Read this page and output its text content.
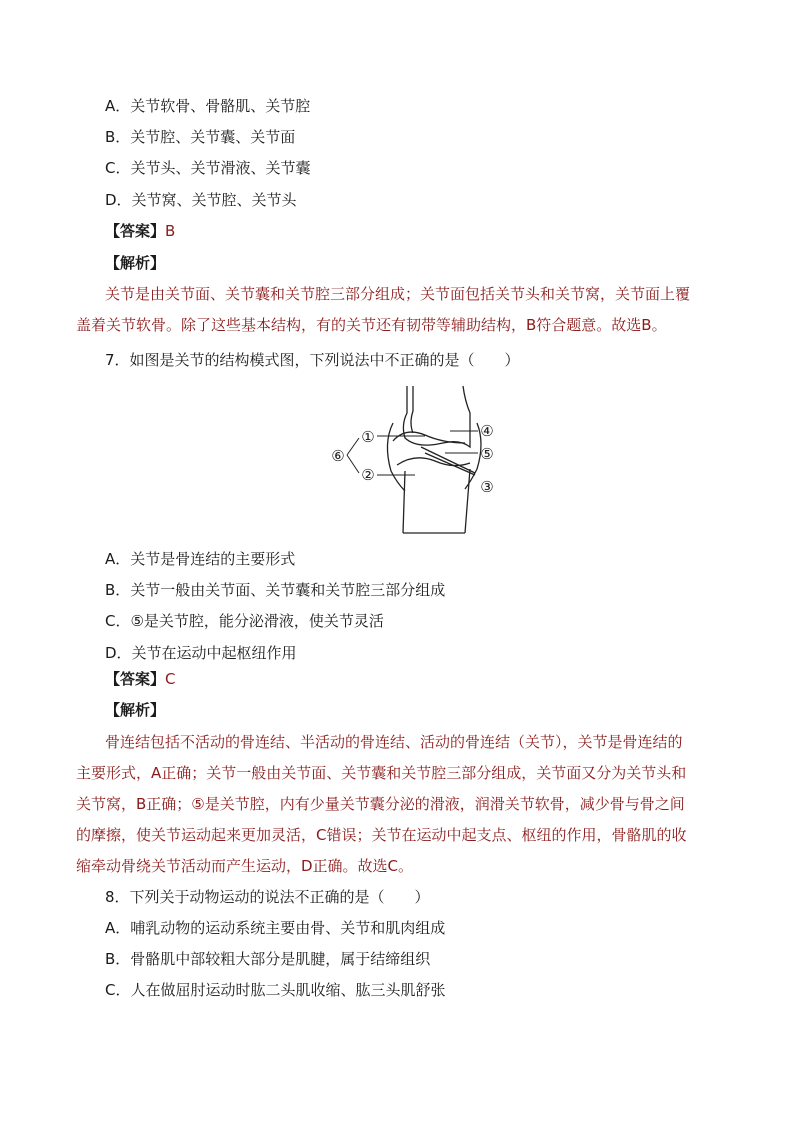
A．关节软骨、骨骼肌、关节腔
B．关节腔、关节囊、关节面
C．关节头、关节滑液、关节囊
D．关节窝、关节腔、关节头
【答案】B
【解析】
关节是由关节面、关节囊和关节腔三部分组成；关节面包括关节头和关节窝，关节面上覆
盖着关节软骨。除了这些基本结构，有的关节还有韧带等辅助结构，B符合题意。故选B。
7．如图是关节的结构模式图，下列说法中不正确的是（　　）
①
②
③
④
⑤
⑥
A．关节是骨连结的主要形式
B．关节一般由关节面、关节囊和关节腔三部分组成
C．⑤是关节腔，能分泌滑液，使关节灵活
D．关节在运动中起枢纽作用
【答案】C
【解析】
骨连结包括不活动的骨连结、半活动的骨连结、活动的骨连结（关节），关节是骨连结的
主要形式，A正确；关节一般由关节面、关节囊和关节腔三部分组成，关节面又分为关节头和
关节窝，B正确；⑤是关节腔，内有少量关节囊分泌的滑液，润滑关节软骨，减少骨与骨之间
的摩擦，使关节运动起来更加灵活，C错误；关节在运动中起支点、枢纽的作用，骨骼肌的收
缩牵动骨绕关节活动而产生运动，D正确。故选C。
8．下列关于动物运动的说法不正确的是（　　）
A．哺乳动物的运动系统主要由骨、关节和肌肉组成
B．骨骼肌中部较粗大部分是肌腱，属于结缔组织
C．人在做屈肘运动时肱二头肌收缩、肱三头肌舒张
